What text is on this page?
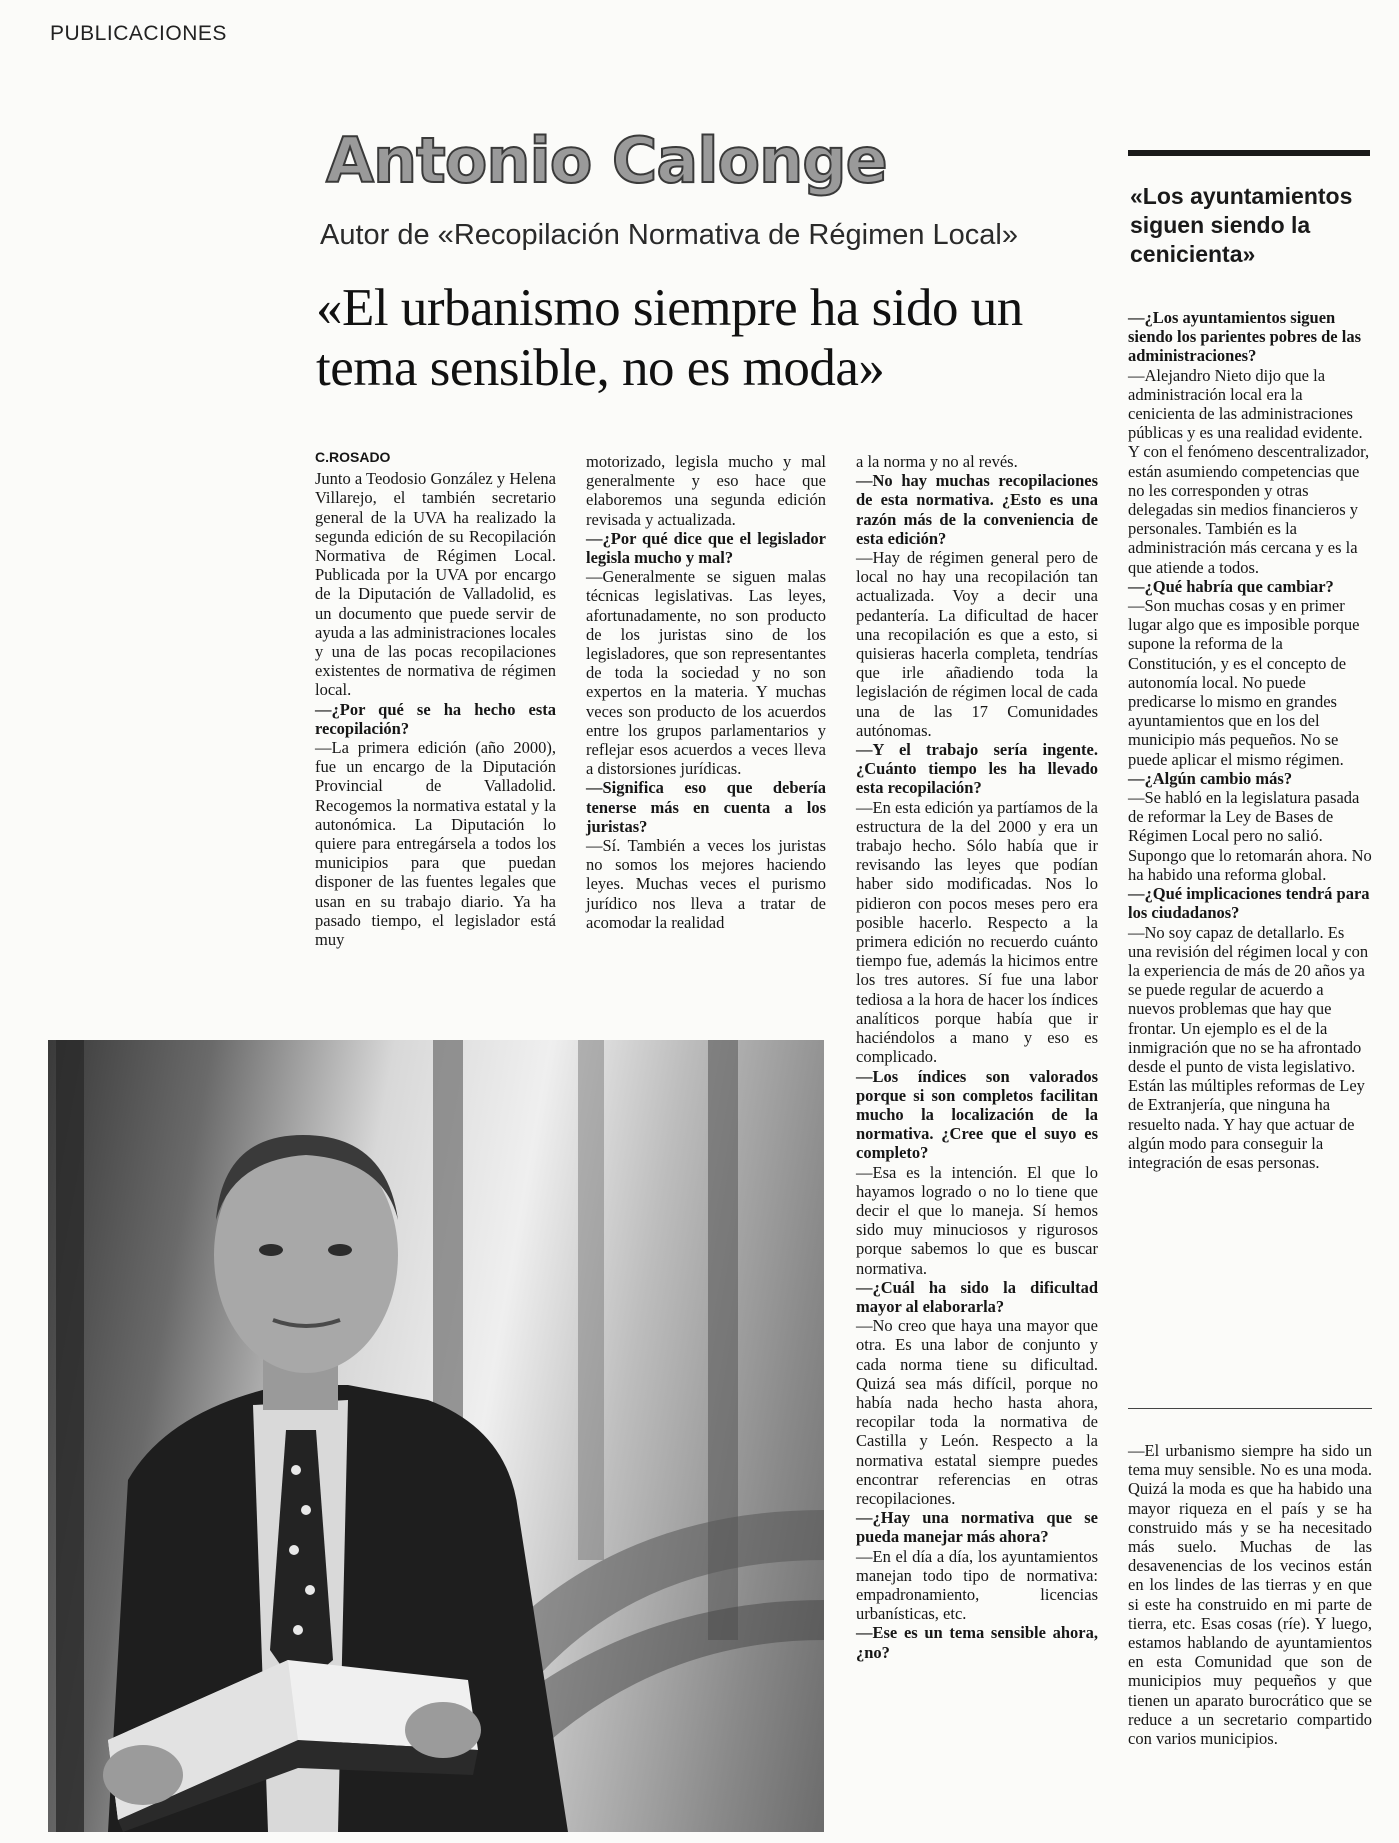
PUBLICACIONES
Antonio Calonge
Autor de «Recopilación Normativa de Régimen Local»
«El urbanismo siempre ha sido un tema sensible, no es moda»
C.ROSADO

Junto a Teodosio González y Helena Villarejo, el también secretario general de la UVA ha realizado la segunda edición de su Recopilación Normativa de Régimen Local. Publicada por la UVA por encargo de la Diputación de Valladolid, es un documento que puede servir de ayuda a las administraciones locales y una de las pocas recopilaciones existentes de normativa de régimen local.

—¿Por qué se ha hecho esta recopilación?

—La primera edición (año 2000), fue un encargo de la Diputación Provincial de Valladolid. Recogemos la normativa estatal y la autonómica. La Diputación lo quiere para entregársela a todos los municipios para que puedan disponer de las fuentes legales que usan en su trabajo diario. Ya ha pasado tiempo, el legislador está muy

motorizado, legisla mucho y mal generalmente y eso hace que elaboremos una segunda edición revisada y actualizada.

—¿Por qué dice que el legislador legisla mucho y mal?

—Generalmente se siguen malas técnicas legislativas. Las leyes, afortunadamente, no son producto de los juristas sino de los legisladores, que son representantes de toda la sociedad y no son expertos en la materia. Y muchas veces son producto de los acuerdos entre los grupos parlamentarios y reflejar esos acuerdos a veces lleva a distorsiones jurídicas.

—Significa eso que debería tenerse más en cuenta a los juristas?

—Sí. También a veces los juristas no somos los mejores haciendo leyes. Muchas veces el purismo jurídico nos lleva a tratar de acomodar la realidad

a la norma y no al revés.

—No hay muchas recopilaciones de esta normativa. ¿Esto es una razón más de la conveniencia de esta edición?

—Hay de régimen general pero de local no hay una recopilación tan actualizada. Voy a decir una pedantería. La dificultad de hacer una recopilación es que a esto, si quisieras hacerla completa, tendrías que irle añadiendo toda la legislación de régimen local de cada una de las 17 Comunidades autónomas.

—Y el trabajo sería ingente. ¿Cuánto tiempo les ha llevado esta recopilación?

—En esta edición ya partíamos de la estructura de la del 2000 y era un trabajo hecho. Sólo había que ir revisando las leyes que podían haber sido modificadas. Nos lo pidieron con pocos meses pero era posible hacerlo. Respecto a la primera edición no recuerdo cuánto tiempo fue, además la hicimos entre los tres autores. Sí fue una labor tediosa a la hora de hacer los índices analíticos porque había que ir haciéndolos a mano y eso es complicado.

—Los índices son valorados porque si son completos facilitan mucho la localización de la normativa. ¿Cree que el suyo es completo?

—Esa es la intención. El que lo hayamos logrado o no lo tiene que decir el que lo maneja. Sí hemos sido muy minuciosos y rigurosos porque sabemos lo que es buscar normativa.

—¿Cuál ha sido la dificultad mayor al elaborarla?

—No creo que haya una mayor que otra. Es una labor de conjunto y cada norma tiene su dificultad. Quizá sea más difícil, porque no había nada hecho hasta ahora, recopilar toda la normativa de Castilla y León. Respecto a la normativa estatal siempre puedes encontrar referencias en otras recopilaciones.

—¿Hay una normativa que se pueda manejar más ahora?

—En el día a día, los ayuntamientos manejan todo tipo de normativa: empadronamiento, licencias urbanísticas, etc.

—Ese es un tema sensible ahora, ¿no?

«Los ayuntamientos siguen siendo la cenicienta»

—¿Los ayuntamientos siguen siendo los parientes pobres de las administraciones?

—Alejandro Nieto dijo que la administración local era la cenicienta de las administraciones públicas y es una realidad evidente. Y con el fenómeno descentralizador, están asumiendo competencias que no les corresponden y otras delegadas sin medios financieros y personales. También es la administración más cercana y es la que atiende a todos.

—¿Qué habría que cambiar?

—Son muchas cosas y en primer lugar algo que es imposible porque supone la reforma de la Constitución, y es el concepto de autonomía local. No puede predicarse lo mismo en grandes ayuntamientos que en los del municipio más pequeños. No se puede aplicar el mismo régimen.

—¿Algún cambio más?

—Se habló en la legislatura pasada de reformar la Ley de Bases de Régimen Local pero no salió. Supongo que lo retomarán ahora. No ha habido una reforma global.

—¿Qué implicaciones tendrá para los ciudadanos?

—No soy capaz de detallarlo. Es una revisión del régimen local y con la experiencia de más de 20 años ya se puede regular de acuerdo a nuevos problemas que hay que frontar. Un ejemplo es el de la inmigración que no se ha afrontado desde el punto de vista legislativo. Están las múltiples reformas de Ley de Extranjería, que ninguna ha resuelto nada. Y hay que actuar de algún modo para conseguir la integración de esas personas.

—El urbanismo siempre ha sido un tema muy sensible. No es una moda. Quizá la moda es que ha habido una mayor riqueza en el país y se ha construido más y se ha necesitado más suelo. Muchas de las desavenencias de los vecinos están en los lindes de las tierras y en que si este ha construido en mi parte de tierra, etc. Esas cosas (ríe). Y luego, estamos hablando de ayuntamientos en esta Comunidad que son de municipios muy pequeños y que tienen un aparato burocrático que se reduce a un secretario compartido con varios municipios.
